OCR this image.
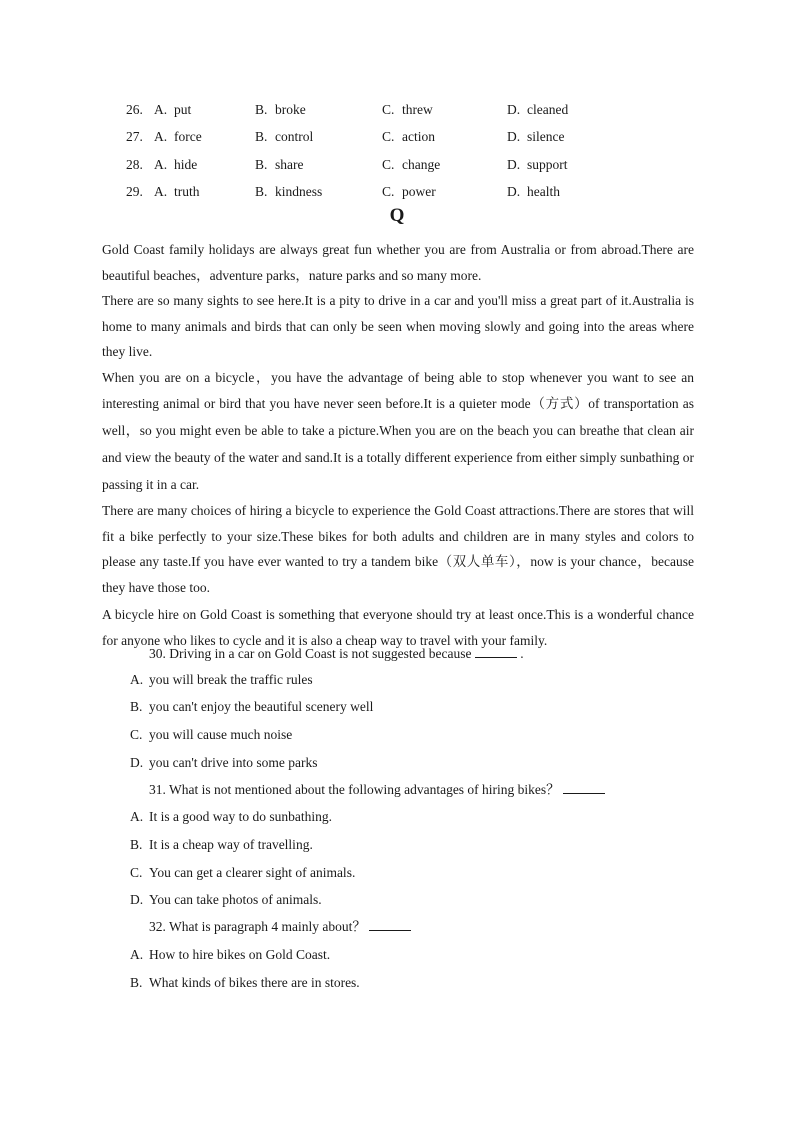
26. A. put	B. broke	C. threw	D. cleaned
27. A. force	B. control	C. action	D. silence
28. A. hide	B. share	C. change	D. support
29. A. truth	B. kindness	C. power	D. health
Q

Gold Coast family holidays are always great fun whether you are from Australia or from abroad.There are beautiful beaches，adventure parks，nature parks and so many more.

There are so many sights to see here.It is a pity to drive in a car and you'll miss a great part of it.Australia is home to many animals and birds that can only be seen when moving slowly and going into the areas where they live.

When you are on a bicycle，you have the advantage of being able to stop whenever you want to see an interesting animal or bird that you have never seen before.It is a quieter mode（方式）of transportation as well，so you might even be able to take a picture.When you are on the beach you can breathe that clean air and view the beauty of the water and sand.It is a totally different experience from either simply sunbathing or passing it in a car.

There are many choices of hiring a bicycle to experience the Gold Coast attractions.There are stores that will fit a bike perfectly to your size.These bikes for both adults and children are in many styles and colors to please any taste.If you have ever wanted to try a tandem bike（双人单车），now is your chance，because they have those too.

A bicycle hire on Gold Coast is something that everyone should try at least once.This is a wonderful chance for anyone who likes to cycle and it is also a cheap way to travel with your family.

30. Driving in a car on Gold Coast is not suggested because	.
A. you will break the traffic rules
B. you can't enjoy the beautiful scenery well
C. you will cause much noise
D. you can't drive into some parks
31. What is not mentioned about the following advantages of hiring bikes？
A. It is a good way to do sunbathing.
B. It is a cheap way of travelling.
C. You can get a clearer sight of animals.
D. You can take photos of animals.
32. What is paragraph 4 mainly about？
A. How to hire bikes on Gold Coast.
B. What kinds of bikes there are in stores.
